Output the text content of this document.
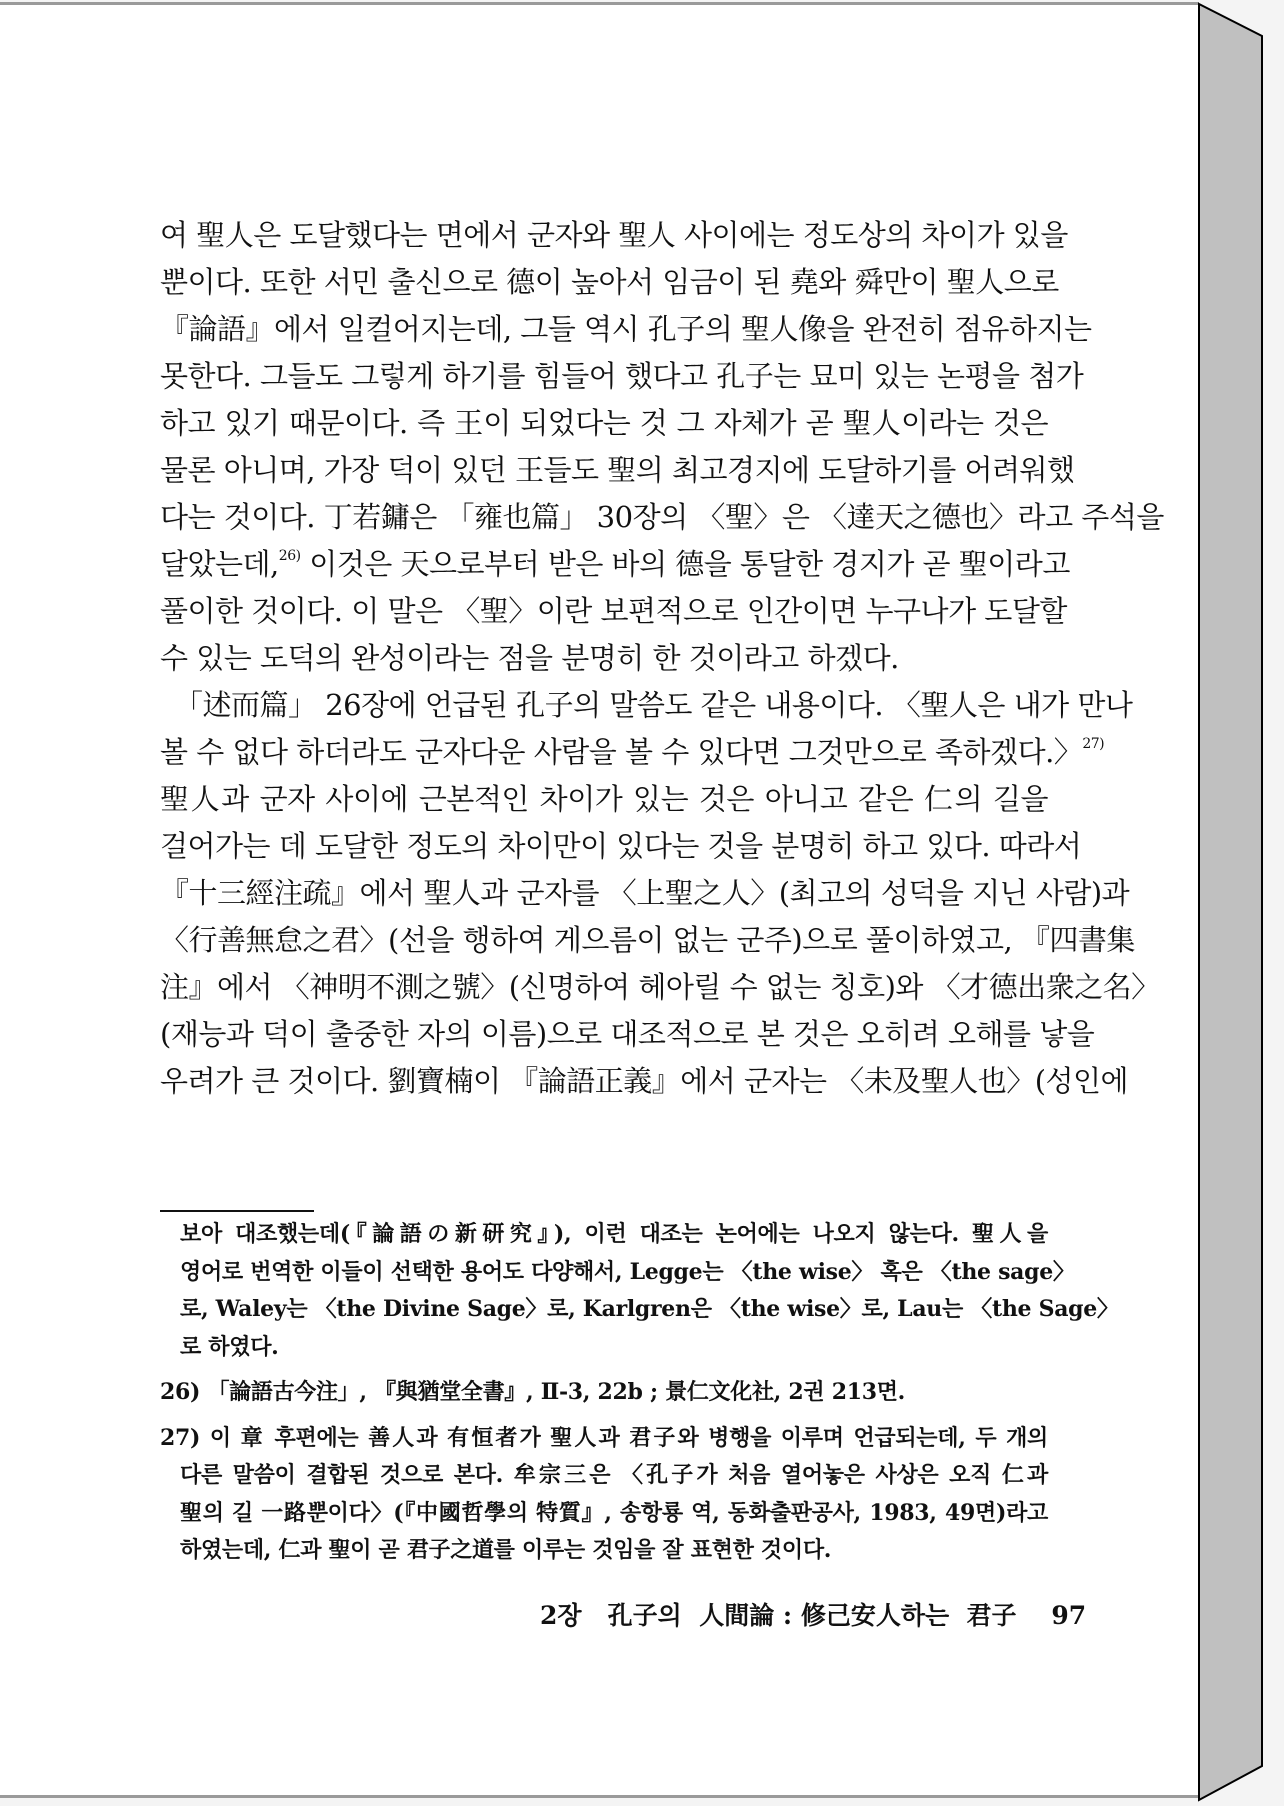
여 聖人은 도달했다는 면에서 군자와 聖人 사이에는 정도상의 차이가 있을
뿐이다. 또한 서민 출신으로 德이 높아서 임금이 된 堯와 舜만이 聖人으로
『論語』에서 일컬어지는데, 그들 역시 孔子의 聖人像을 완전히 점유하지는
못한다. 그들도 그렇게 하기를 힘들어 했다고 孔子는 묘미 있는 논평을 첨가
하고 있기 때문이다. 즉 王이 되었다는 것 그 자체가 곧 聖人이라는 것은
물론 아니며, 가장 덕이 있던 王들도 聖의 최고경지에 도달하기를 어려워했
다는 것이다. 丁若鏞은 「雍也篇」 30장의 〈聖〉은 〈達天之德也〉라고 주석을
달았는데,$^{26)}$ 이것은 天으로부터 받은 바의 德을 통달한 경지가 곧 聖이라고
풀이한 것이다. 이 말은 〈聖〉이란 보편적으로 인간이면 누구나가 도달할
수 있는 도덕의 완성이라는 점을 분명히 한 것이라고 하겠다.
「述而篇」 26장에 언급된 孔子의 말씀도 같은 내용이다. 〈聖人은 내가 만나
볼 수 없다 하더라도 군자다운 사람을 볼 수 있다면 그것만으로 족하겠다.〉$^{27)}$
聖人과 군자 사이에 근본적인 차이가 있는 것은 아니고 같은 仁의 길을
걸어가는 데 도달한 정도의 차이만이 있다는 것을 분명히 하고 있다. 따라서
『十三經注疏』에서 聖人과 군자를 〈上聖之人〉(최고의 성덕을 지닌 사람)과
〈行善無怠之君〉(선을 행하여 게으름이 없는 군주)으로 풀이하였고, 『四書集
注』에서 〈神明不測之號〉(신명하여 헤아릴 수 없는 칭호)와 〈才德出衆之名〉
(재능과 덕이 출중한 자의 이름)으로 대조적으로 본 것은 오히려 오해를 낳을
우려가 큰 것이다. 劉寶楠이 『論語正義』에서 군자는 〈未及聖人也〉(성인에
보아 대조했는데(『論語の新研究』), 이런 대조는 논어에는 나오지 않는다. 聖人을
영어로 번역한 이들이 선택한 용어도 다양해서, Legge는 〈the wise〉 혹은 〈the sage〉
로, Waley는 〈the Divine Sage〉로, Karlgren은 〈the wise〉로, Lau는 〈the Sage〉
로 하였다.
26) 「論語古今注」, 『與猶堂全書』, Ⅱ-3, 22b ; 景仁文化社, 2권 213면.
27) 이 章 후편에는 善人과 有恒者가 聖人과 君子와 병행을 이루며 언급되는데, 두 개의
다른 말씀이 결합된 것으로 본다. 牟宗三은 〈孔子가 처음 열어놓은 사상은 오직 仁과
聖의 길 一路뿐이다〉(『中國哲學의 特質』, 송항룡 역, 동화출판공사, 1983, 49면)라고
하였는데, 仁과 聖이 곧 君子之道를 이루는 것임을 잘 표현한 것이다.
2장   孔子의  人間論 : 修己安人하는  君子 97
